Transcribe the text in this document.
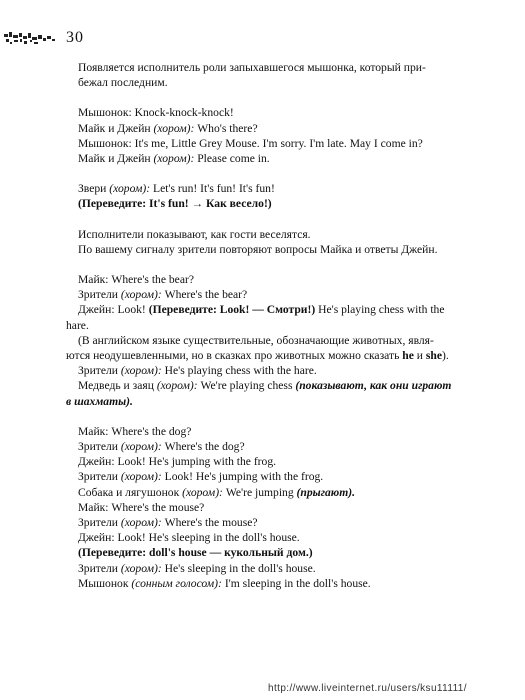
30
Появляется исполнитель роли запыхавшегося мышонка, который при-
бежал последним.
Мышонок: Knock-knock-knock!
Майк и Джейн (хором): Who's there?
Мышонок: It's me, Little Grey Mouse. I'm sorry. I'm late. May I come in?
Майк и Джейн (хором): Please come in.
Звери (хором): Let's run! It's fun! It's fun!
(Переведите: It's fun! → Как весело!)
Исполнители показывают, как гости веселятся.
По вашему сигналу зрители повторяют вопросы Майка и ответы Джейн.
Майк: Where's the bear?
Зрители (хором): Where's the bear?
Джейн: Look! (Переведите: Look! — Смотри!) He's playing chess with the
hare.
(В английском языке существительные, обозначающие животных, явля-
ются неодушевленными, но в сказках про животных можно сказать he и she).
Зрители (хором): He's playing chess with the hare.
Медведь и заяц (хором): We're playing chess (показывают, как они играют
в шахматы).
Майк: Where's the dog?
Зрители (хором): Where's the dog?
Джейн: Look! He's jumping with the frog.
Зрители (хором): Look! He's jumping with the frog.
Собака и лягушонок (хором): We're jumping (прыгают).
Майк: Where's the mouse?
Зрители (хором): Where's the mouse?
Джейн: Look! He's sleeping in the doll's house.
(Переведите: doll's house — кукольный дом.)
Зрители (хором): He's sleeping in the doll's house.
Мышонок (сонным голосом): I'm sleeping in the doll's house.
http://www.liveinternet.ru/users/ksu11111/
